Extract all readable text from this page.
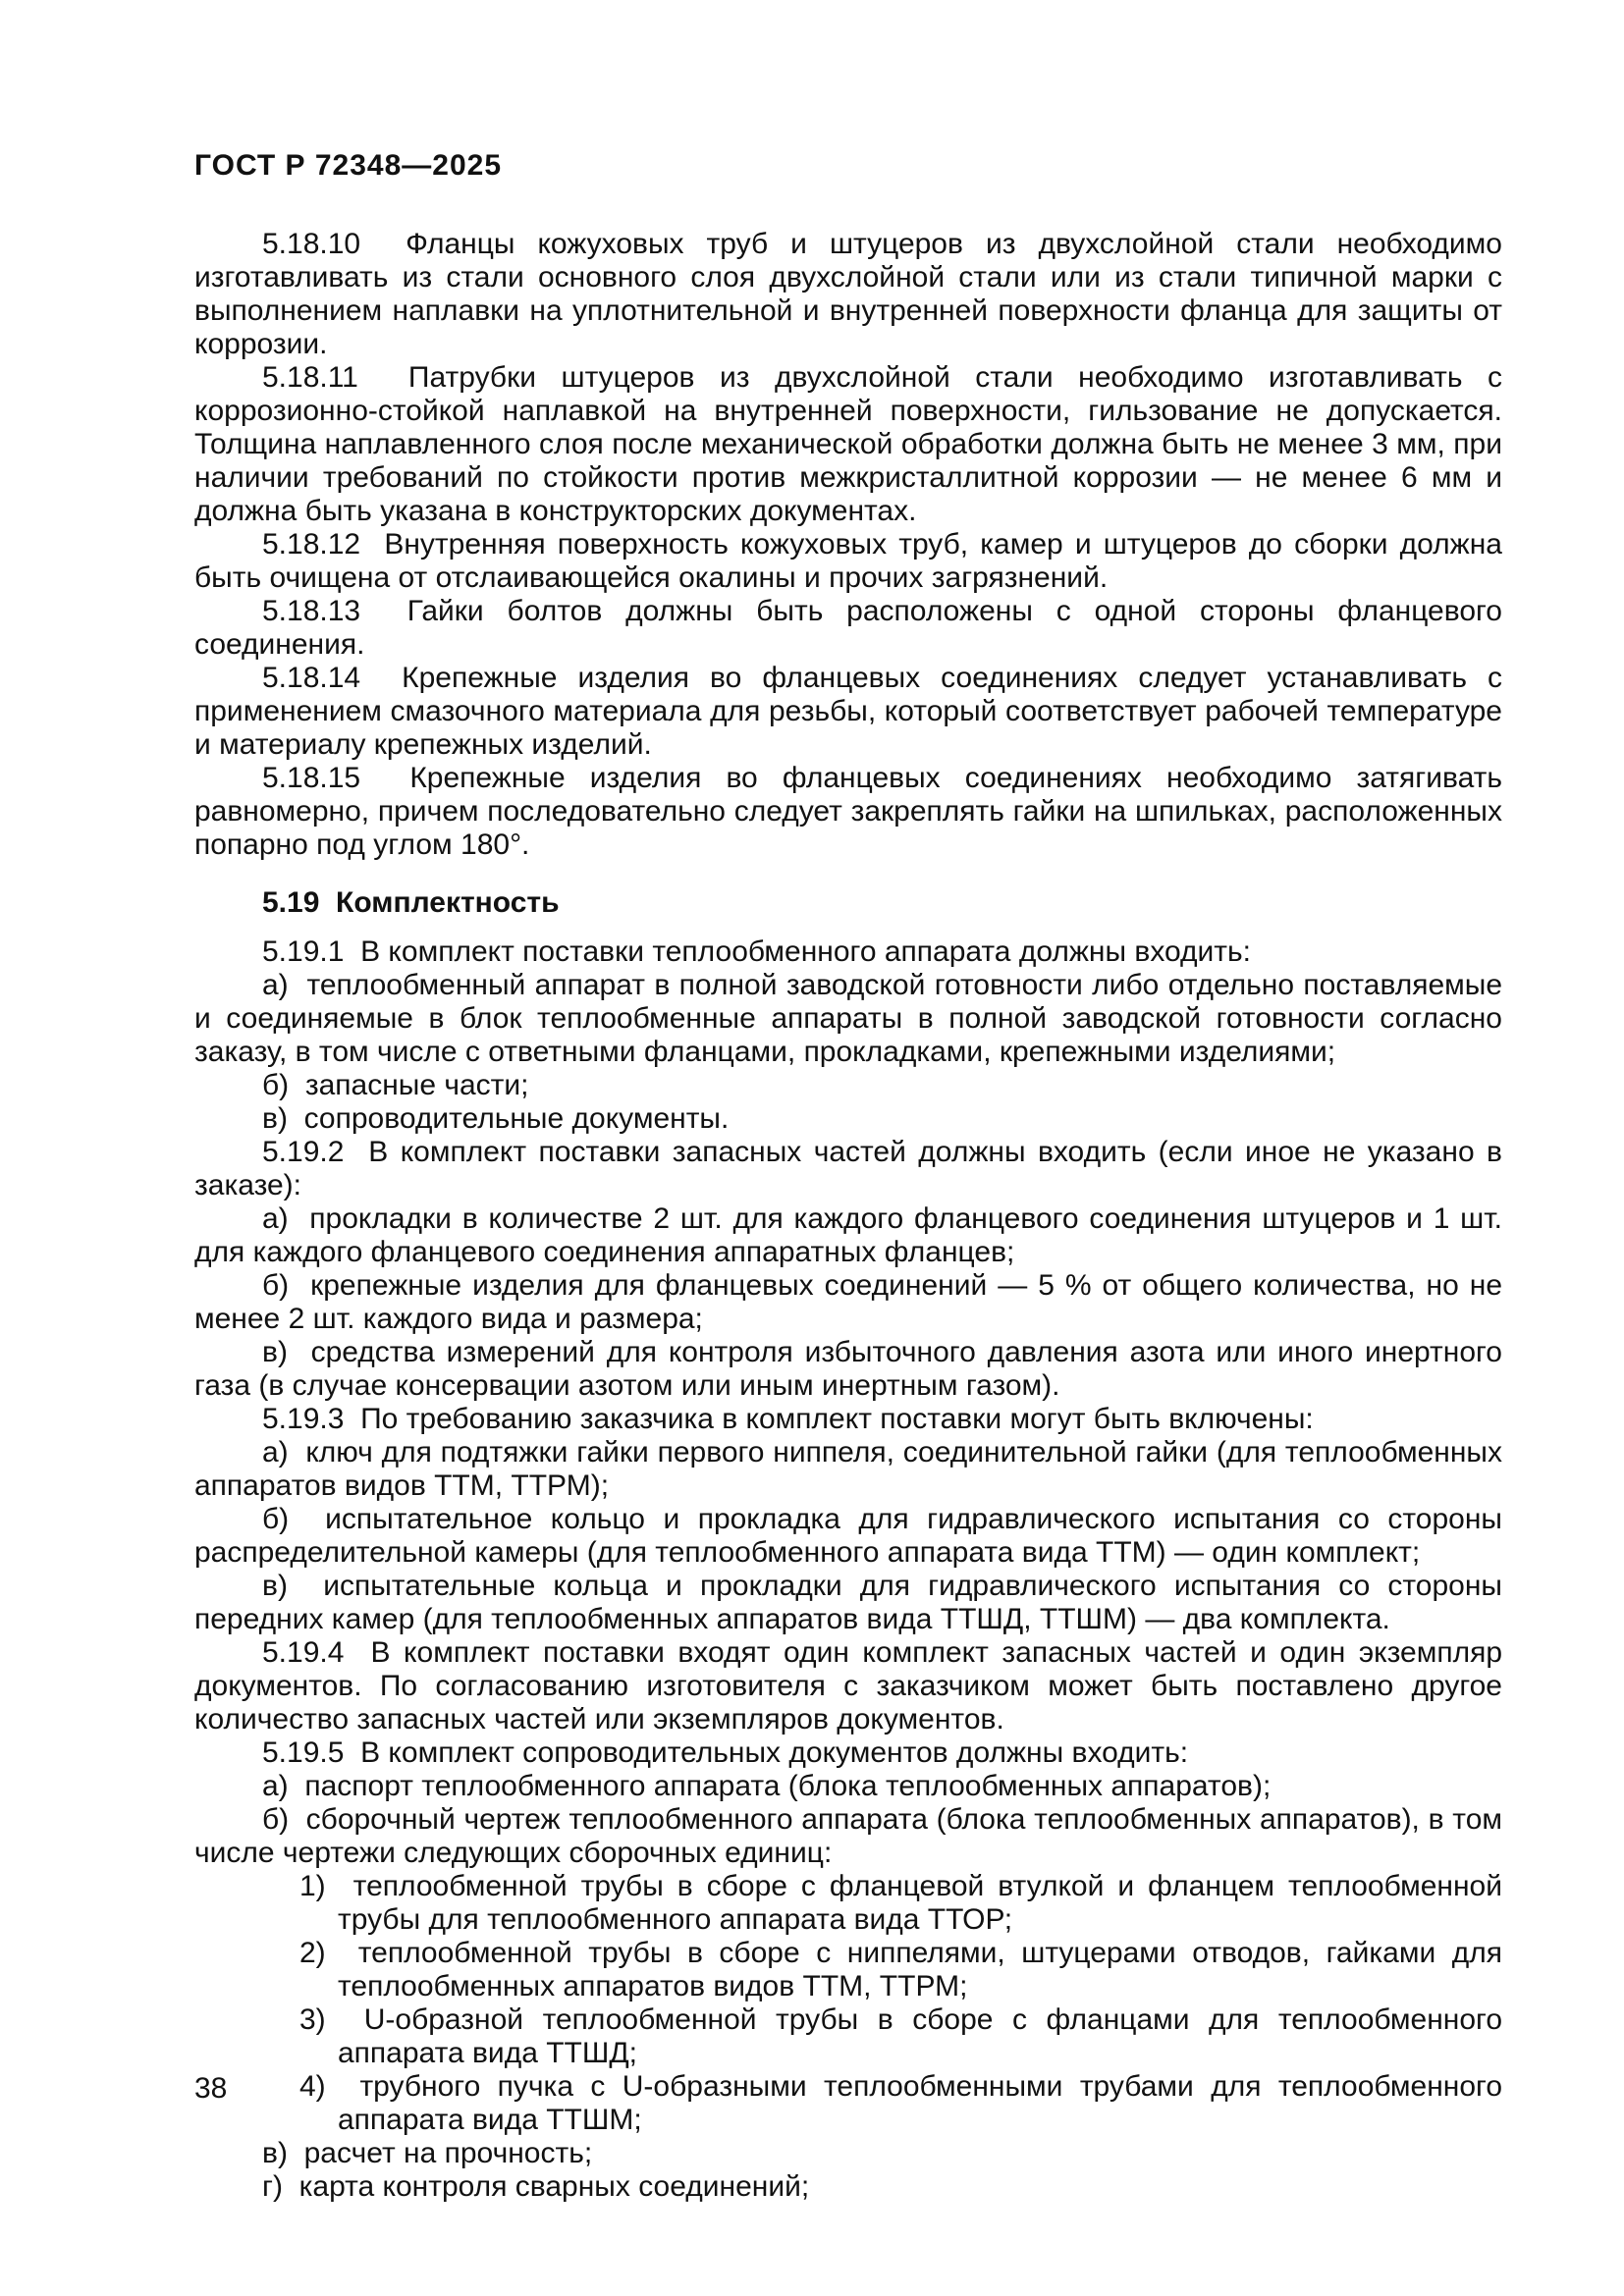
ГОСТ Р 72348—2025

5.18.10  Фланцы кожуховых труб и штуцеров из двухслойной стали необходимо изготавливать из стали основного слоя двухслойной стали или из стали типичной марки с выполнением наплавки на уплотнительной и внутренней поверхности фланца для защиты от коррозии.

5.18.11  Патрубки штуцеров из двухслойной стали необходимо изготавливать с коррозионно-стойкой наплавкой на внутренней поверхности, гильзование не допускается. Толщина наплавленного слоя после механической обработки должна быть не менее 3 мм, при наличии требований по стойкости против межкристаллитной коррозии — не менее 6 мм и должна быть указана в конструкторских документах.

5.18.12  Внутренняя поверхность кожуховых труб, камер и штуцеров до сборки должна быть очищена от отслаивающейся окалины и прочих загрязнений.

5.18.13  Гайки болтов должны быть расположены с одной стороны фланцевого соединения.

5.18.14  Крепежные изделия во фланцевых соединениях следует устанавливать с применением смазочного материала для резьбы, который соответствует рабочей температуре и материалу крепежных изделий.

5.18.15  Крепежные изделия во фланцевых соединениях необходимо затягивать равномерно, причем последовательно следует закреплять гайки на шпильках, расположенных попарно под углом 180°.

5.19  Комплектность

5.19.1  В комплект поставки теплообменного аппарата должны входить:

а)  теплообменный аппарат в полной заводской готовности либо отдельно поставляемые и соединяемые в блок теплообменные аппараты в полной заводской готовности согласно заказу, в том числе с ответными фланцами, прокладками, крепежными изделиями;

б)  запасные части;

в)  сопроводительные документы.

5.19.2  В комплект поставки запасных частей должны входить (если иное не указано в заказе):

а)  прокладки в количестве 2 шт. для каждого фланцевого соединения штуцеров и 1 шт. для каждого фланцевого соединения аппаратных фланцев;

б)  крепежные изделия для фланцевых соединений — 5 % от общего количества, но не менее 2 шт. каждого вида и размера;

в)  средства измерений для контроля избыточного давления азота или иного инертного газа (в случае консервации азотом или иным инертным газом).

5.19.3  По требованию заказчика в комплект поставки могут быть включены:

а)  ключ для подтяжки гайки первого ниппеля, соединительной гайки (для теплообменных аппаратов видов ТТМ, ТТРМ);

б)  испытательное кольцо и прокладка для гидравлического испытания со стороны распределительной камеры (для теплообменного аппарата вида ТТМ) — один комплект;

в)  испытательные кольца и прокладки для гидравлического испытания со стороны передних камер (для теплообменных аппаратов вида ТТШД, ТТШМ) — два комплекта.

5.19.4  В комплект поставки входят один комплект запасных частей и один экземпляр документов. По согласованию изготовителя с заказчиком может быть поставлено другое количество запасных частей или экземпляров документов.

5.19.5  В комплект сопроводительных документов должны входить:

а)  паспорт теплообменного аппарата (блока теплообменных аппаратов);

б)  сборочный чертеж теплообменного аппарата (блока теплообменных аппаратов), в том числе чертежи следующих сборочных единиц:

1)  теплообменной трубы в сборе с фланцевой втулкой и фланцем теплообменной трубы для теплообменного аппарата вида ТТОР;

2)  теплообменной трубы в сборе с ниппелями, штуцерами отводов, гайками для теплообменных аппаратов видов ТТМ, ТТРМ;

3)  U-образной теплообменной трубы в сборе с фланцами для теплообменного аппарата вида ТТШД;

4)  трубного пучка с U-образными теплообменными трубами для теплообменного аппарата вида ТТШМ;

в)  расчет на прочность;

г)  карта контроля сварных соединений;

38
